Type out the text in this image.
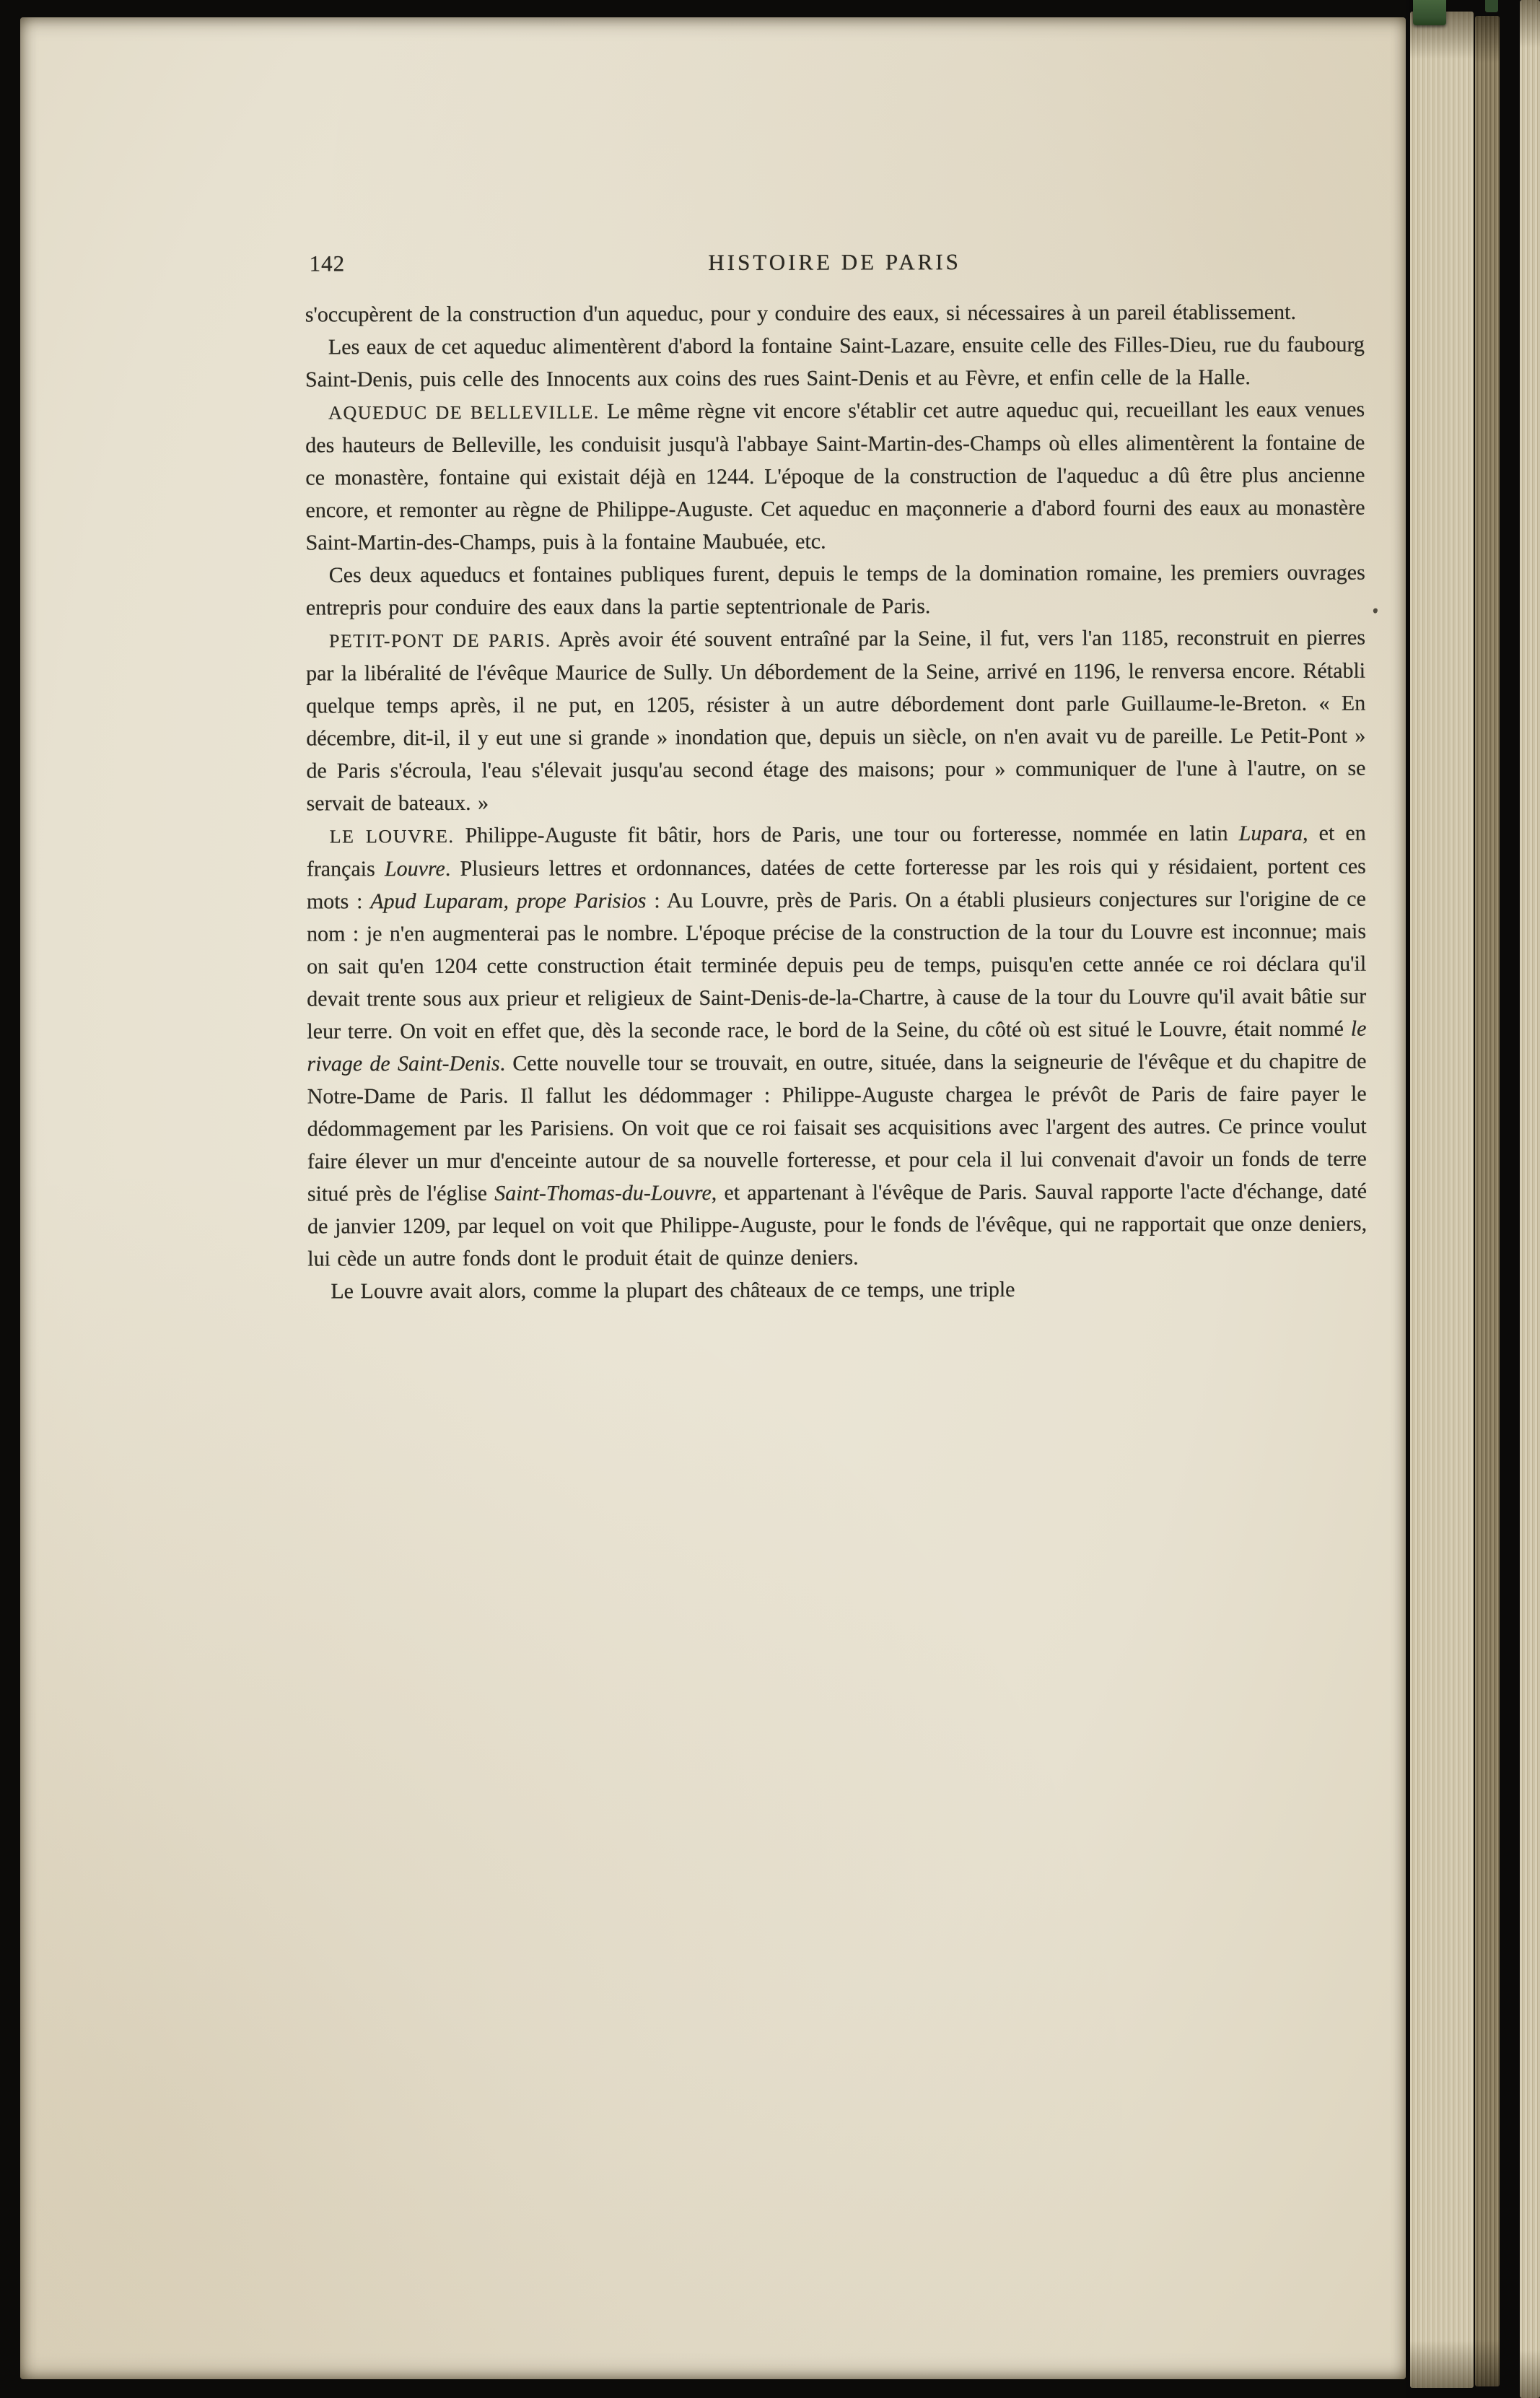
142	HISTOIRE DE PARIS

s'occupèrent de la construction d'un aqueduc, pour y conduire des eaux, si nécessaires à un pareil établissement.

Les eaux de cet aqueduc alimentèrent d'abord la fontaine Saint-Lazare, ensuite celle des Filles-Dieu, rue du faubourg Saint-Denis, puis celle des Innocents aux coins des rues Saint-Denis et au Fèvre, et enfin celle de la Halle.

AQUEDUC DE BELLEVILLE. Le même règne vit encore s'établir cet autre aqueduc qui, recueillant les eaux venues des hauteurs de Belleville, les conduisit jusqu'à l'abbaye Saint-Martin-des-Champs où elles alimentèrent la fontaine de ce monastère, fontaine qui existait déjà en 1244. L'époque de la construction de l'aqueduc a dû être plus ancienne encore, et remonter au règne de Philippe-Auguste. Cet aqueduc en maçonnerie a d'abord fourni des eaux au monastère Saint-Martin-des-Champs, puis à la fontaine Maubuée, etc.

Ces deux aqueducs et fontaines publiques furent, depuis le temps de la domination romaine, les premiers ouvrages entrepris pour conduire des eaux dans la partie septentrionale de Paris.

PETIT-PONT DE PARIS. Après avoir été souvent entraîné par la Seine, il fut, vers l'an 1185, reconstruit en pierres par la libéralité de l'évêque Maurice de Sully. Un débordement de la Seine, arrivé en 1196, le renversa encore. Rétabli quelque temps après, il ne put, en 1205, résister à un autre débordement dont parle Guillaume-le-Breton. « En décembre, dit-il, il y eut une si grande » inondation que, depuis un siècle, on n'en avait vu de pareille. Le Petit-Pont » de Paris s'écroula, l'eau s'élevait jusqu'au second étage des maisons; pour » communiquer de l'une à l'autre, on se servait de bateaux. »

LE LOUVRE. Philippe-Auguste fit bâtir, hors de Paris, une tour ou forteresse, nommée en latin Lupara, et en français Louvre. Plusieurs lettres et ordonnances, datées de cette forteresse par les rois qui y résidaient, portent ces mots : Apud Luparam, prope Parisios : Au Louvre, près de Paris. On a établi plusieurs conjectures sur l'origine de ce nom : je n'en augmenterai pas le nombre. L'époque précise de la construction de la tour du Louvre est inconnue; mais on sait qu'en 1204 cette construction était terminée depuis peu de temps, puisqu'en cette année ce roi déclara qu'il devait trente sous aux prieur et religieux de Saint-Denis-de-la-Chartre, à cause de la tour du Louvre qu'il avait bâtie sur leur terre. On voit en effet que, dès la seconde race, le bord de la Seine, du côté où est situé le Louvre, était nommé le rivage de Saint-Denis. Cette nouvelle tour se trouvait, en outre, située, dans la seigneurie de l'évêque et du chapitre de Notre-Dame de Paris. Il fallut les dédommager : Philippe-Auguste chargea le prévôt de Paris de faire payer le dédommagement par les Parisiens. On voit que ce roi faisait ses acquisitions avec l'argent des autres. Ce prince voulut faire élever un mur d'enceinte autour de sa nouvelle forteresse, et pour cela il lui convenait d'avoir un fonds de terre situé près de l'église Saint-Thomas-du-Louvre, et appartenant à l'évêque de Paris. Sauval rapporte l'acte d'échange, daté de janvier 1209, par lequel on voit que Philippe-Auguste, pour le fonds de l'évêque, qui ne rapportait que onze deniers, lui cède un autre fonds dont le produit était de quinze deniers.

Le Louvre avait alors, comme la plupart des châteaux de ce temps, une triple
